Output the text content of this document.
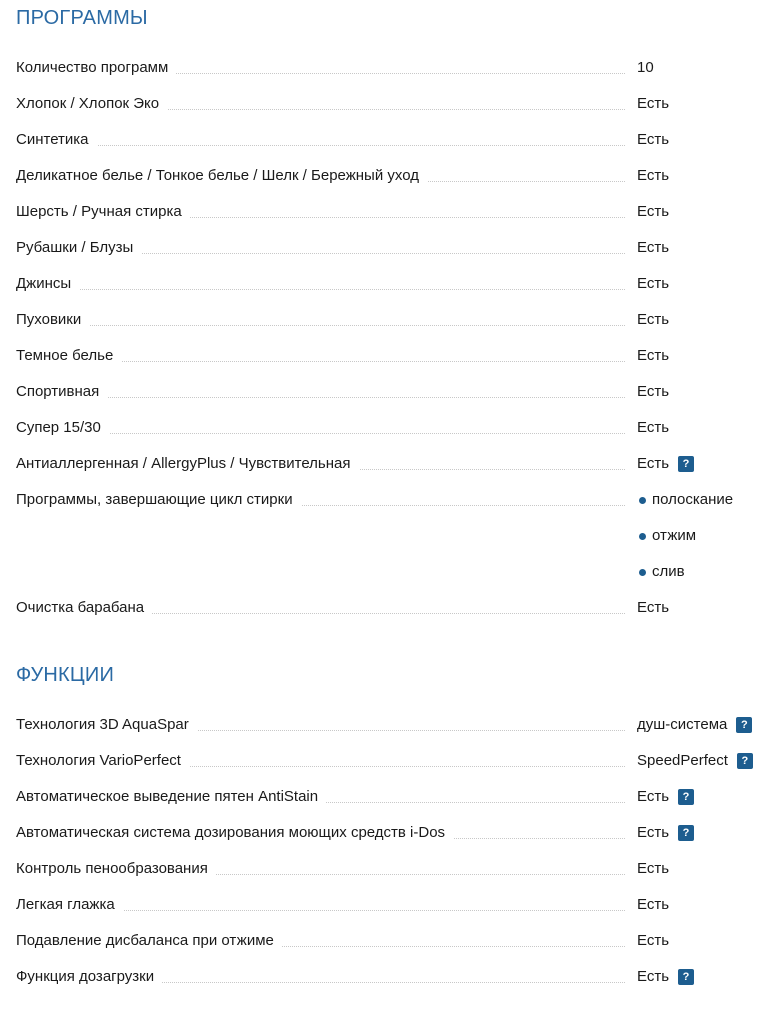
ПРОГРАММЫ
Количество программ	10
Хлопок / Хлопок Эко	Есть
Синтетика	Есть
Деликатное белье / Тонкое белье / Шелк / Бережный уход	Есть
Шерсть / Ручная стирка	Есть
Рубашки / Блузы	Есть
Джинсы	Есть
Пуховики	Есть
Темное белье	Есть
Спортивная	Есть
Супер 15/30	Есть
Антиаллергенная / AllergyPlus / Чувствительная	Есть	?
Программы, завершающие цикл стирки	полоскание
отжим
слив
Очистка барабана	Есть
ФУНКЦИИ
Технология 3D AquaSpar	душ-система	?
Технология VarioPerfect	SpeedPerfect	?
Автоматическое выведение пятен AntiStain	Есть	?
Автоматическая система дозирования моющих средств i-Dos	Есть	?
Контроль пенообразования	Есть
Легкая глажка	Есть
Подавление дисбаланса при отжиме	Есть
Функция дозагрузки	Есть	?
